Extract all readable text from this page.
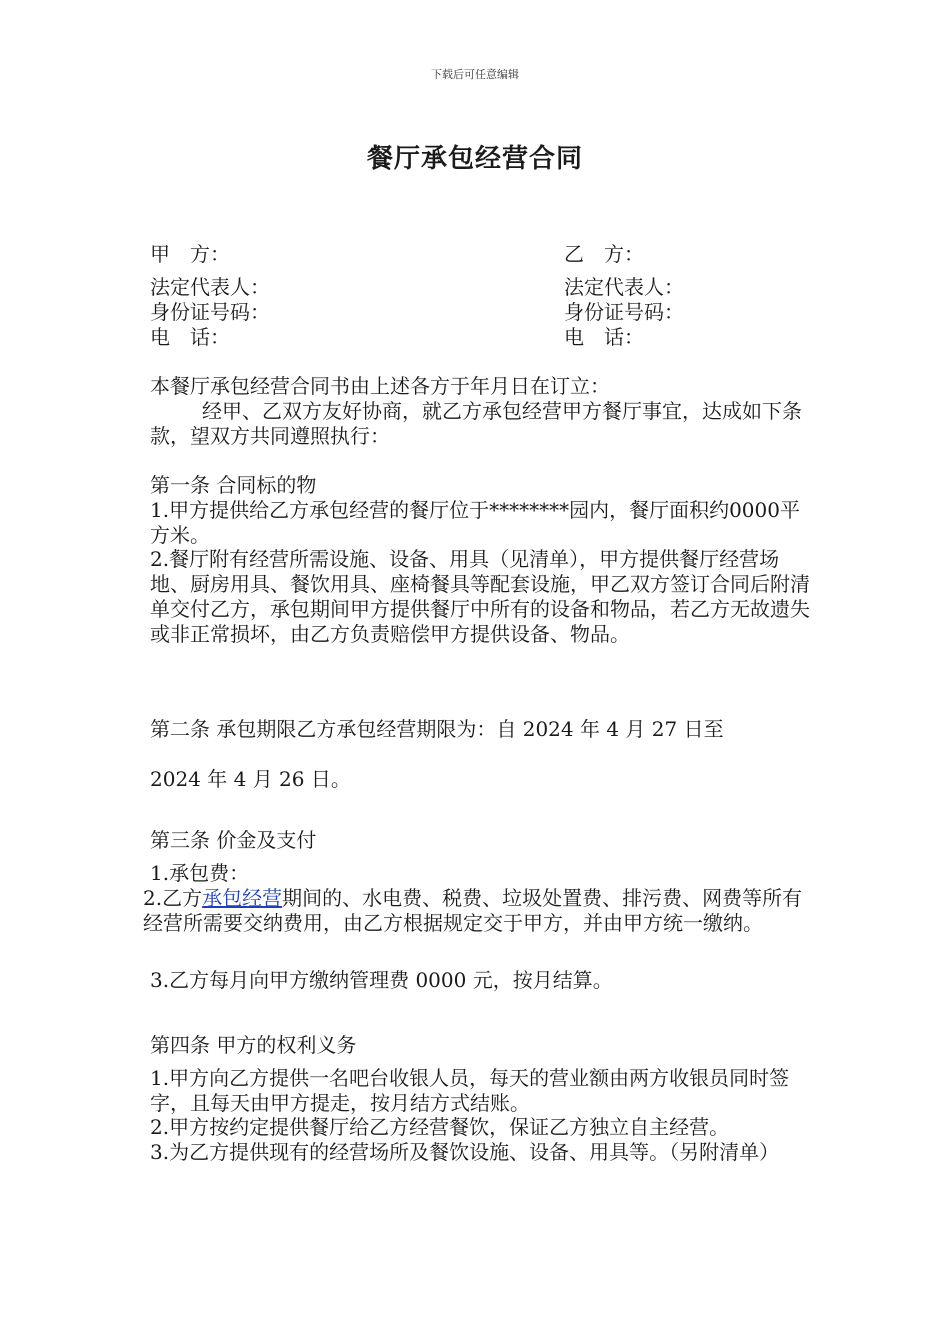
下载后可任意编辑
餐厅承包经营合同
甲　方：
法定代表人：
身份证号码：
电　话：
乙　方：
法定代表人：
身份证号码：
电　话：
本餐厅承包经营合同书由上述各方于年月日在订立：
经甲、乙双方友好协商，就乙方承包经营甲方餐厅事宜，达成如下条款，望双方共同遵照执行：
第一条 合同标的物
1.甲方提供给乙方承包经营的餐厅位于********园内，餐厅面积约0000平方米。
2.餐厅附有经营所需设施、设备、用具（见清单），甲方提供餐厅经营场地、厨房用具、餐饮用具、座椅餐具等配套设施，甲乙双方签订合同后附清单交付乙方，承包期间甲方提供餐厅中所有的设备和物品，若乙方无故遗失或非正常损坏，由乙方负责赔偿甲方提供设备、物品。
第二条 承包期限乙方承包经营期限为：自 2024 年 4 月 27 日至
2024 年 4 月 26 日。
第三条 价金及支付
1.承包费：
2.乙方承包经营期间的、水电费、税费、垃圾处置费、排污费、网费等所有经营所需要交纳费用，由乙方根据规定交于甲方，并由甲方统一缴纳。
3.乙方每月向甲方缴纳管理费 0000 元，按月结算。
第四条 甲方的权利义务
1.甲方向乙方提供一名吧台收银人员，每天的营业额由两方收银员同时签字，且每天由甲方提走，按月结方式结账。
2.甲方按约定提供餐厅给乙方经营餐饮，保证乙方独立自主经营。
3.为乙方提供现有的经营场所及餐饮设施、设备、用具等。（另附清单）
